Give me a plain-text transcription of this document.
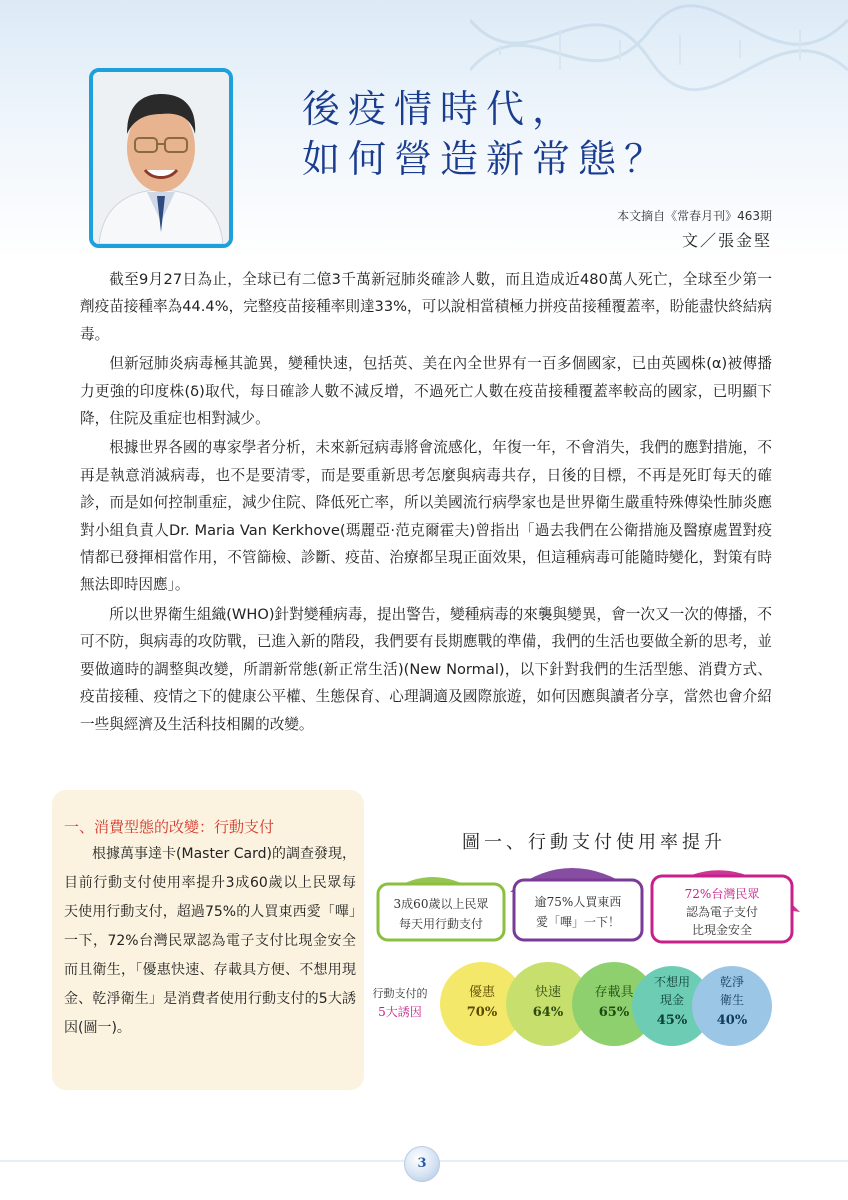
後疫情時代，
如何營造新常態？
本文摘自《常春月刊》463期
文／張金堅

截至9月27日為止，全球已有二億3千萬新冠肺炎確診人數，而且造成近480萬人死亡，全球至少第一劑疫苗接種率為44.4%，完整疫苗接種率則達33%，可以說相當積極力拼疫苗接種覆蓋率，盼能盡快終結病毒。

但新冠肺炎病毒極其詭異，變種快速，包括英、美在內全世界有一百多個國家，已由英國株(α)被傳播力更強的印度株(δ)取代，每日確診人數不減反增，不過死亡人數在疫苗接種覆蓋率較高的國家，已明顯下降，住院及重症也相對減少。

根據世界各國的專家學者分析，未來新冠病毒將會流感化，年復一年，不會消失，我們的應對措施，不再是執意消滅病毒，也不是要清零，而是要重新思考怎麼與病毒共存，日後的目標，不再是死盯每天的確診，而是如何控制重症，減少住院、降低死亡率，所以美國流行病學家也是世界衛生嚴重特殊傳染性肺炎應對小組負責人Dr. Maria Van Kerkhove(瑪麗亞·范克爾霍夫)曾指出「過去我們在公衛措施及醫療處置對疫情都已發揮相當作用，不管篩檢、診斷、疫苗、治療都呈現正面效果，但這種病毒可能隨時變化，對策有時無法即時因應」。

所以世界衛生組織(WHO)針對變種病毒，提出警告，變種病毒的來襲與變異，會一次又一次的傳播，不可不防，與病毒的攻防戰，已進入新的階段，我們要有長期應戰的準備，我們的生活也要做全新的思考，並要做適時的調整與改變，所謂新常態(新正常生活)(New Normal)，以下針對我們的生活型態、消費方式、疫苗接種、疫情之下的健康公平權、生態保育、心理調適及國際旅遊，如何因應與讀者分享，當然也會介紹一些與經濟及生活科技相關的改變。

一、消費型態的改變：行動支付
根據萬事達卡(Master Card)的調查發現，目前行動支付使用率提升3成60歲以上民眾每天使用行動支付，超過75%的人買東西愛「嗶」一下，72%台灣民眾認為電子支付比現金安全而且衛生，「優惠快速、存載具方便、不想用現金、乾淨衛生」是消費者使用行動支付的5大誘因(圖一)。
圖一、行動支付使用率提升
3成60歲以上民眾
每天用行動支付
逾75%人買東西
愛「嗶」一下！
72%台灣民眾
認為電子支付
比現金安全
行動支付的
5大誘因
優惠
70%
快速
64%
存載具
65%
不想用
現金
45%
乾淨
衛生
40%
3
